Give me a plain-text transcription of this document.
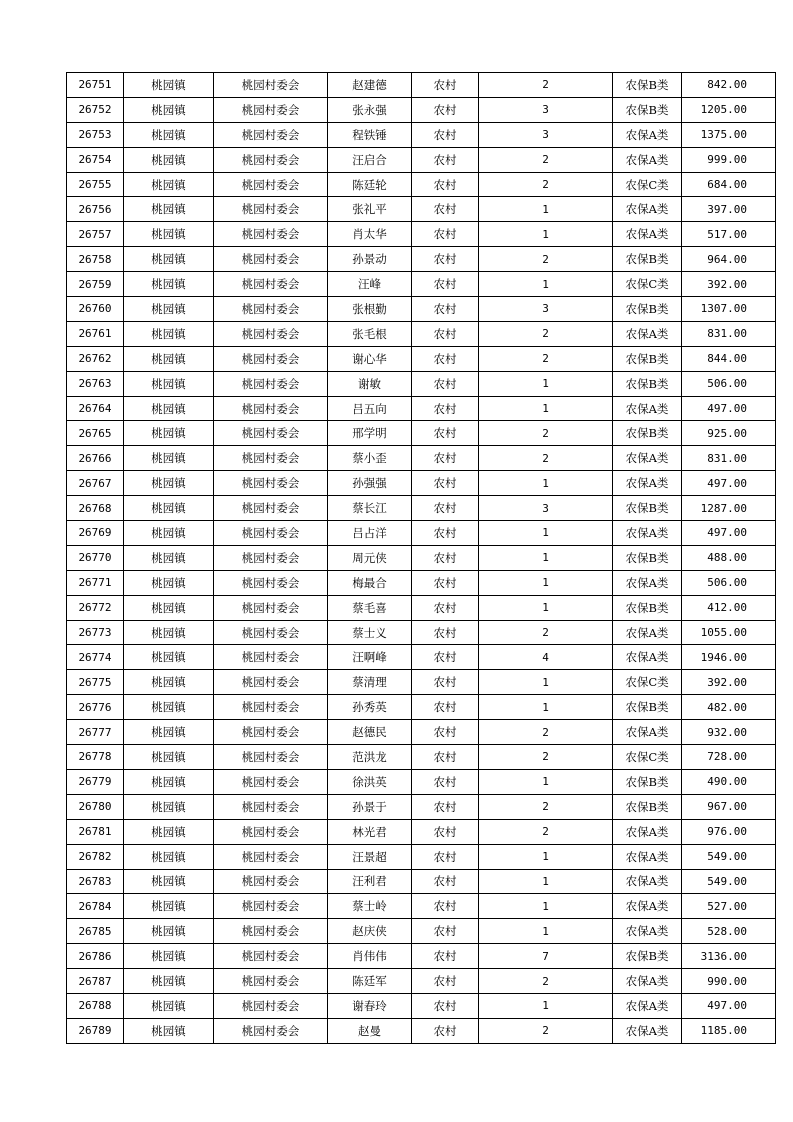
26751	桃园镇	桃园村委会	赵建德	农村	2	农保B类	842.00
26752	桃园镇	桃园村委会	张永强	农村	3	农保B类	1205.00
26753	桃园镇	桃园村委会	程铁锤	农村	3	农保A类	1375.00
26754	桃园镇	桃园村委会	汪启合	农村	2	农保A类	999.00
26755	桃园镇	桃园村委会	陈廷轮	农村	2	农保C类	684.00
26756	桃园镇	桃园村委会	张礼平	农村	1	农保A类	397.00
26757	桃园镇	桃园村委会	肖太华	农村	1	农保A类	517.00
26758	桃园镇	桃园村委会	孙景动	农村	2	农保B类	964.00
26759	桃园镇	桃园村委会	汪峰	农村	1	农保C类	392.00
26760	桃园镇	桃园村委会	张根勤	农村	3	农保B类	1307.00
26761	桃园镇	桃园村委会	张毛根	农村	2	农保A类	831.00
26762	桃园镇	桃园村委会	谢心华	农村	2	农保B类	844.00
26763	桃园镇	桃园村委会	谢敏	农村	1	农保B类	506.00
26764	桃园镇	桃园村委会	吕五向	农村	1	农保A类	497.00
26765	桃园镇	桃园村委会	邢学明	农村	2	农保B类	925.00
26766	桃园镇	桃园村委会	蔡小歪	农村	2	农保A类	831.00
26767	桃园镇	桃园村委会	孙强强	农村	1	农保A类	497.00
26768	桃园镇	桃园村委会	蔡长江	农村	3	农保B类	1287.00
26769	桃园镇	桃园村委会	吕占洋	农村	1	农保A类	497.00
26770	桃园镇	桃园村委会	周元侠	农村	1	农保B类	488.00
26771	桃园镇	桃园村委会	梅最合	农村	1	农保A类	506.00
26772	桃园镇	桃园村委会	蔡毛喜	农村	1	农保B类	412.00
26773	桃园镇	桃园村委会	蔡士义	农村	2	农保A类	1055.00
26774	桃园镇	桃园村委会	汪啊峰	农村	4	农保A类	1946.00
26775	桃园镇	桃园村委会	蔡清理	农村	1	农保C类	392.00
26776	桃园镇	桃园村委会	孙秀英	农村	1	农保B类	482.00
26777	桃园镇	桃园村委会	赵德民	农村	2	农保A类	932.00
26778	桃园镇	桃园村委会	范洪龙	农村	2	农保C类	728.00
26779	桃园镇	桃园村委会	徐洪英	农村	1	农保B类	490.00
26780	桃园镇	桃园村委会	孙景于	农村	2	农保B类	967.00
26781	桃园镇	桃园村委会	林光君	农村	2	农保A类	976.00
26782	桃园镇	桃园村委会	汪景超	农村	1	农保A类	549.00
26783	桃园镇	桃园村委会	汪利君	农村	1	农保A类	549.00
26784	桃园镇	桃园村委会	蔡士岭	农村	1	农保A类	527.00
26785	桃园镇	桃园村委会	赵庆侠	农村	1	农保A类	528.00
26786	桃园镇	桃园村委会	肖伟伟	农村	7	农保B类	3136.00
26787	桃园镇	桃园村委会	陈廷军	农村	2	农保A类	990.00
26788	桃园镇	桃园村委会	谢春玲	农村	1	农保A类	497.00
26789	桃园镇	桃园村委会	赵曼	农村	2	农保A类	1185.00
